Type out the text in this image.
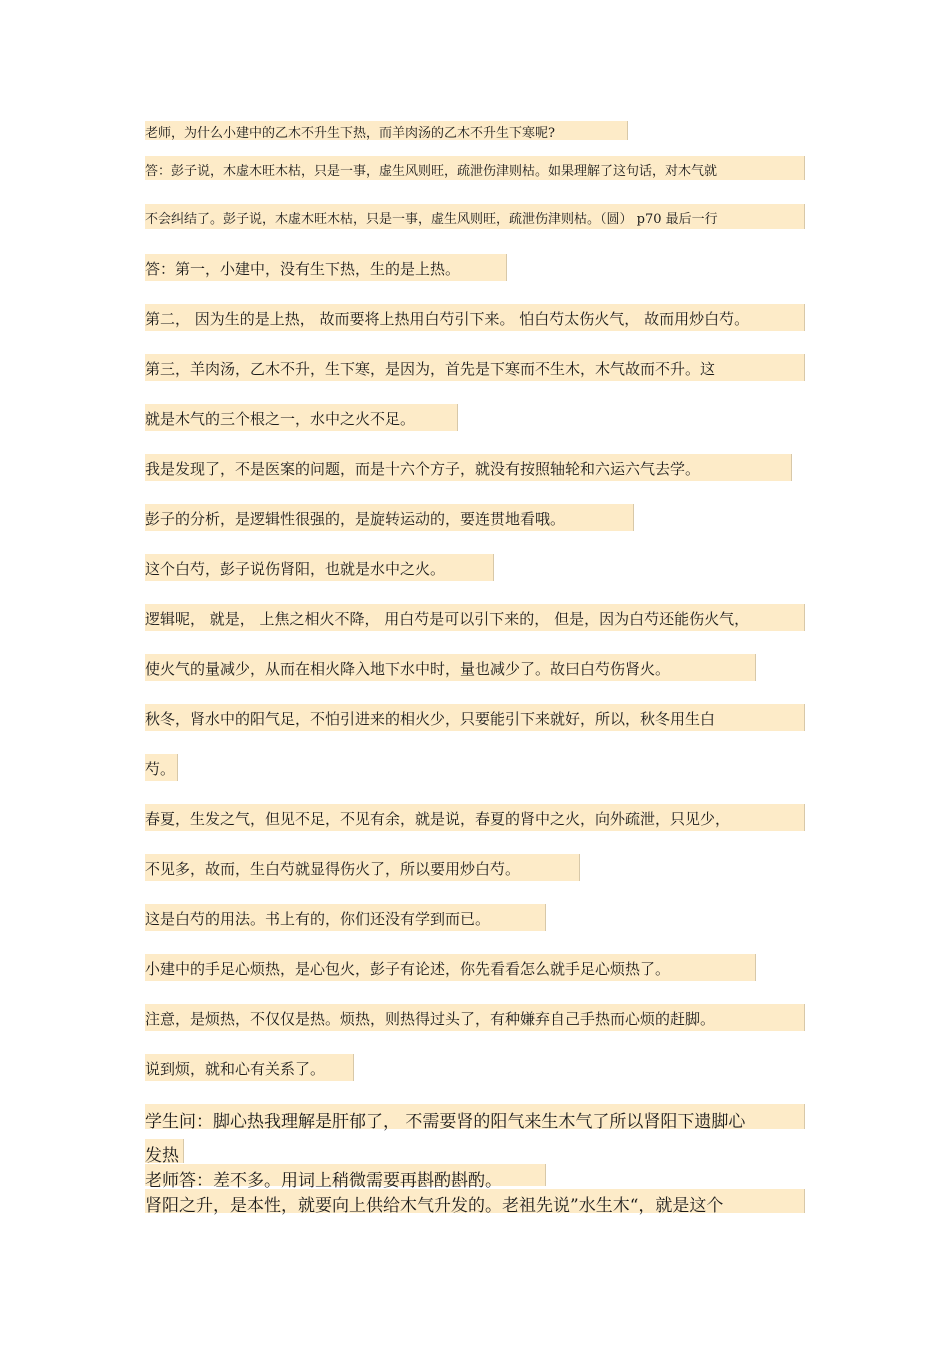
老师，为什么小建中的乙木不升生下热，而羊肉汤的乙木不升生下寒呢?
答：彭子说，木虚木旺木枯，只是一事，虚生风则旺，疏泄伤津则枯。如果理解了这句话，对木气就
不会纠结了。彭子说，木虚木旺木枯，只是一事，虚生风则旺，疏泄伤津则枯。（圆） p70 最后一行
答：第一，小建中，没有生下热，生的是上热。
第二， 因为生的是上热， 故而要将上热用白芍引下来。 怕白芍太伤火气， 故而用炒白芍。
第三，羊肉汤，乙木不升，生下寒，是因为，首先是下寒而不生木，木气故而不升。这
就是木气的三个根之一，水中之火不足。
我是发现了，不是医案的问题，而是十六个方子，就没有按照轴轮和六运六气去学。
彭子的分析，是逻辑性很强的，是旋转运动的，要连贯地看哦。
这个白芍，彭子说伤肾阳，也就是水中之火。
逻辑呢， 就是， 上焦之相火不降， 用白芍是可以引下来的， 但是，因为白芍还能伤火气，
使火气的量减少，从而在相火降入地下水中时，量也减少了。故曰白芍伤肾火。
秋冬，肾水中的阳气足，不怕引进来的相火少，只要能引下来就好，所以，秋冬用生白
芍。
春夏，生发之气，但见不足，不见有余，就是说，春夏的肾中之火，向外疏泄，只见少，
不见多，故而，生白芍就显得伤火了，所以要用炒白芍。
这是白芍的用法。书上有的，你们还没有学到而已。
小建中的手足心烦热，是心包火，彭子有论述，你先看看怎么就手足心烦热了。
注意，是烦热，不仅仅是热。烦热，则热得过头了，有种嫌弃自己手热而心烦的赶脚。
说到烦，就和心有关系了。
学生问：脚心热我理解是肝郁了， 不需要肾的阳气来生木气了所以肾阳下遗脚心
发热
老师答：差不多。用词上稍微需要再斟酌斟酌。
肾阳之升，是本性，就要向上供给木气升发的。老祖先说”水生木“，就是这个
